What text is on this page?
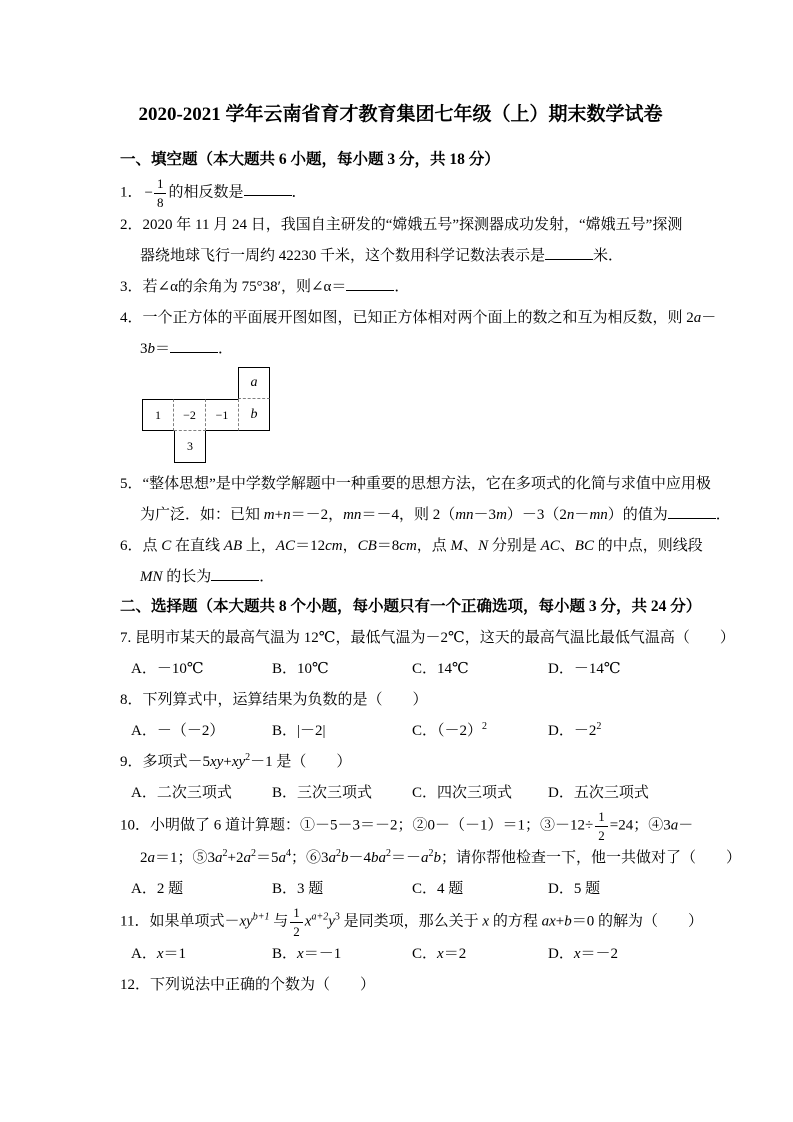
2020-2021 学年云南省育才教育集团七年级（上）期末数学试卷
一、填空题（本大题共 6 小题，每小题 3 分，共 18 分）
1． − $\frac{1}{8}$ 的相反数是	．
2．2020 年 11 月 24 日，我国自主研发的“嫦娥五号”探测器成功发射，“嫦娥五号”探测
器绕地球飞行一周约 42230 千米，这个数用科学记数法表示是	米．
3．若∠α的余角为 75°38′，则∠α＝	．
4．一个正方体的平面展开图如图，已知正方体相对两个面上的数之和互为相反数，则 2a－
3b＝	．
a
1	−2	−1	b
3
5．“整体思想”是中学数学解题中一种重要的思想方法，它在多项式的化简与求值中应用极
为广泛．如：已知 m+n＝－2，mn＝－4，则 2（mn－3m）－3（2n－mn）的值为	．
6．点 C 在直线 AB 上，AC＝12cm，CB＝8cm，点 M、N 分别是 AC、BC 的中点，则线段
MN 的长为	．
二、选择题（本大题共 8 个小题，每小题只有一个正确选项，每小题 3 分，共 24 分）
7. 昆明市某天的最高气温为 12℃，最低气温为－2℃，这天的最高气温比最低气温高（　　）
A．－10℃	B．10℃	C．14℃	D．－14℃
8．下列算式中，运算结果为负数的是（　　）
A．－（－2）	B．|－2|	C．$(-2)^2$	D．$-2^2$
9．多项式$-5xy+xy^2-1$ 是（　　）
A．二次三项式	B．三次三项式	C．四次三项式	D．五次三项式
10．小明做了 6 道计算题：①－5－3＝－2；②0－（－1）＝1；③－12÷ $\frac{1}{2} =24$；④3a－
2a＝1；$⑤3a^2+2a^2=5a^4$；$⑥3a^2b-4ba^2=-a^2b$；请你帮他检查一下，他一共做对了（　　）
A．2 题	B．3 题	C．4 题	D．5 题
11．如果单项式$-xy^{b+1}$ 与 $\frac{1}{2} x^{a+2}y^3$ 是同类项，那么关于 x 的方程 ax+b＝0 的解为（　　）
A．x＝1	B．x＝－1	C．x＝2	D．x＝－2
12．下列说法中正确的个数为（　　）
